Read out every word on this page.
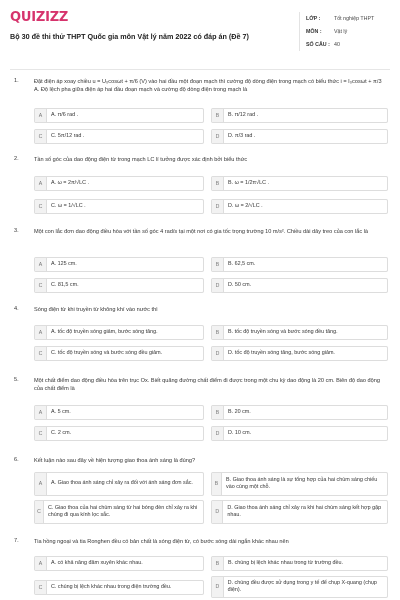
QUIZIZZ
Bộ 30 đề thi thử THPT Quốc gia môn Vật lý năm 2022 có đáp án (Đề 7)
LỚP :	Tốt nghiệp THPT
MÔN :	Vật lý
SỐ CÂU : 40
1.	Đặt điện áp xoay chiều u = U₀cosωt + π/6 (V) vào hai đầu một đoạn mạch thì cường độ dòng điện trong mạch có biểu thức i = I₀cosωt + π/3 A. Độ lệch pha giữa điện áp hai đầu đoạn mạch và cường độ dòng điện trong mạch là
A	A. π/6 rad .	B	B. π/12 rad .
C	C. 5π/12 rad .	D	D. π/3 rad .
2.	Tần số góc của dao động điện từ trong mạch LC lí tưởng được xác định bởi biểu thức
A	A. ω = 2π/√LC .	B	B. ω = 1/2π√LC .
C	C. ω = 1/√LC .	D	D. ω = 2/√LC .
3.	Một con lắc đơn dao động điều hòa với tần số góc 4 rad/s tại một nơi có gia tốc trọng trường 10 m/s². Chiều dài dây treo của con lắc là
A	A. 125 cm.	B	B. 62,5 cm.
C	C. 81,5 cm.	D	D. 50 cm.
4.	Sóng điện từ khi truyền từ không khí vào nước thì
A	A. tốc độ truyền sóng giảm, bước sóng tăng.	B	B. tốc độ truyền sóng và bước sóng đều tăng.
C	C. tốc độ truyền sóng và bước sóng đều giảm.	D	D. tốc độ truyền sóng tăng, bước sóng giảm.
5.	Một chất điểm dao động điều hòa trên trục Ox. Biết quãng đường chất điểm đi được trong một chu kỳ dao động là 20 cm. Biên độ dao động của chất điểm là
A	A. 5 cm.	B	B. 20 cm.
C	C. 2 cm.	D	D. 10 cm.
6.	Kết luận nào sau đây về hiện tượng giao thoa ánh sáng là đúng?
A	A. Giao thoa ánh sáng chỉ xảy ra đối với ánh sáng đơn sắc.	B
B. Giao thoa ánh sáng là sự tổng hợp của hai chùm sáng chiếu vào cùng một chỗ.
C
C. Giao thoa của hai chùm sáng từ hai bóng đèn chỉ xảy ra khi chúng đi qua kính lọc sắc.	D
D. Giao thoa ánh sáng chỉ xảy ra khi hai chùm sáng kết hợp gặp nhau.
7.	Tia hồng ngoại và tia Ronghen đều có bản chất là sóng điện từ, có bước sóng dài ngắn khác nhau nên
A	A. có khả năng đâm xuyên khác nhau.	B	B. chúng bị lệch khác nhau trong từ trường đều.
C	C. chúng bị lệch khác nhau trong điện trường đều.	D
D. chúng đều được sử dụng trong y tế để chụp X-quang (chụp điện).
